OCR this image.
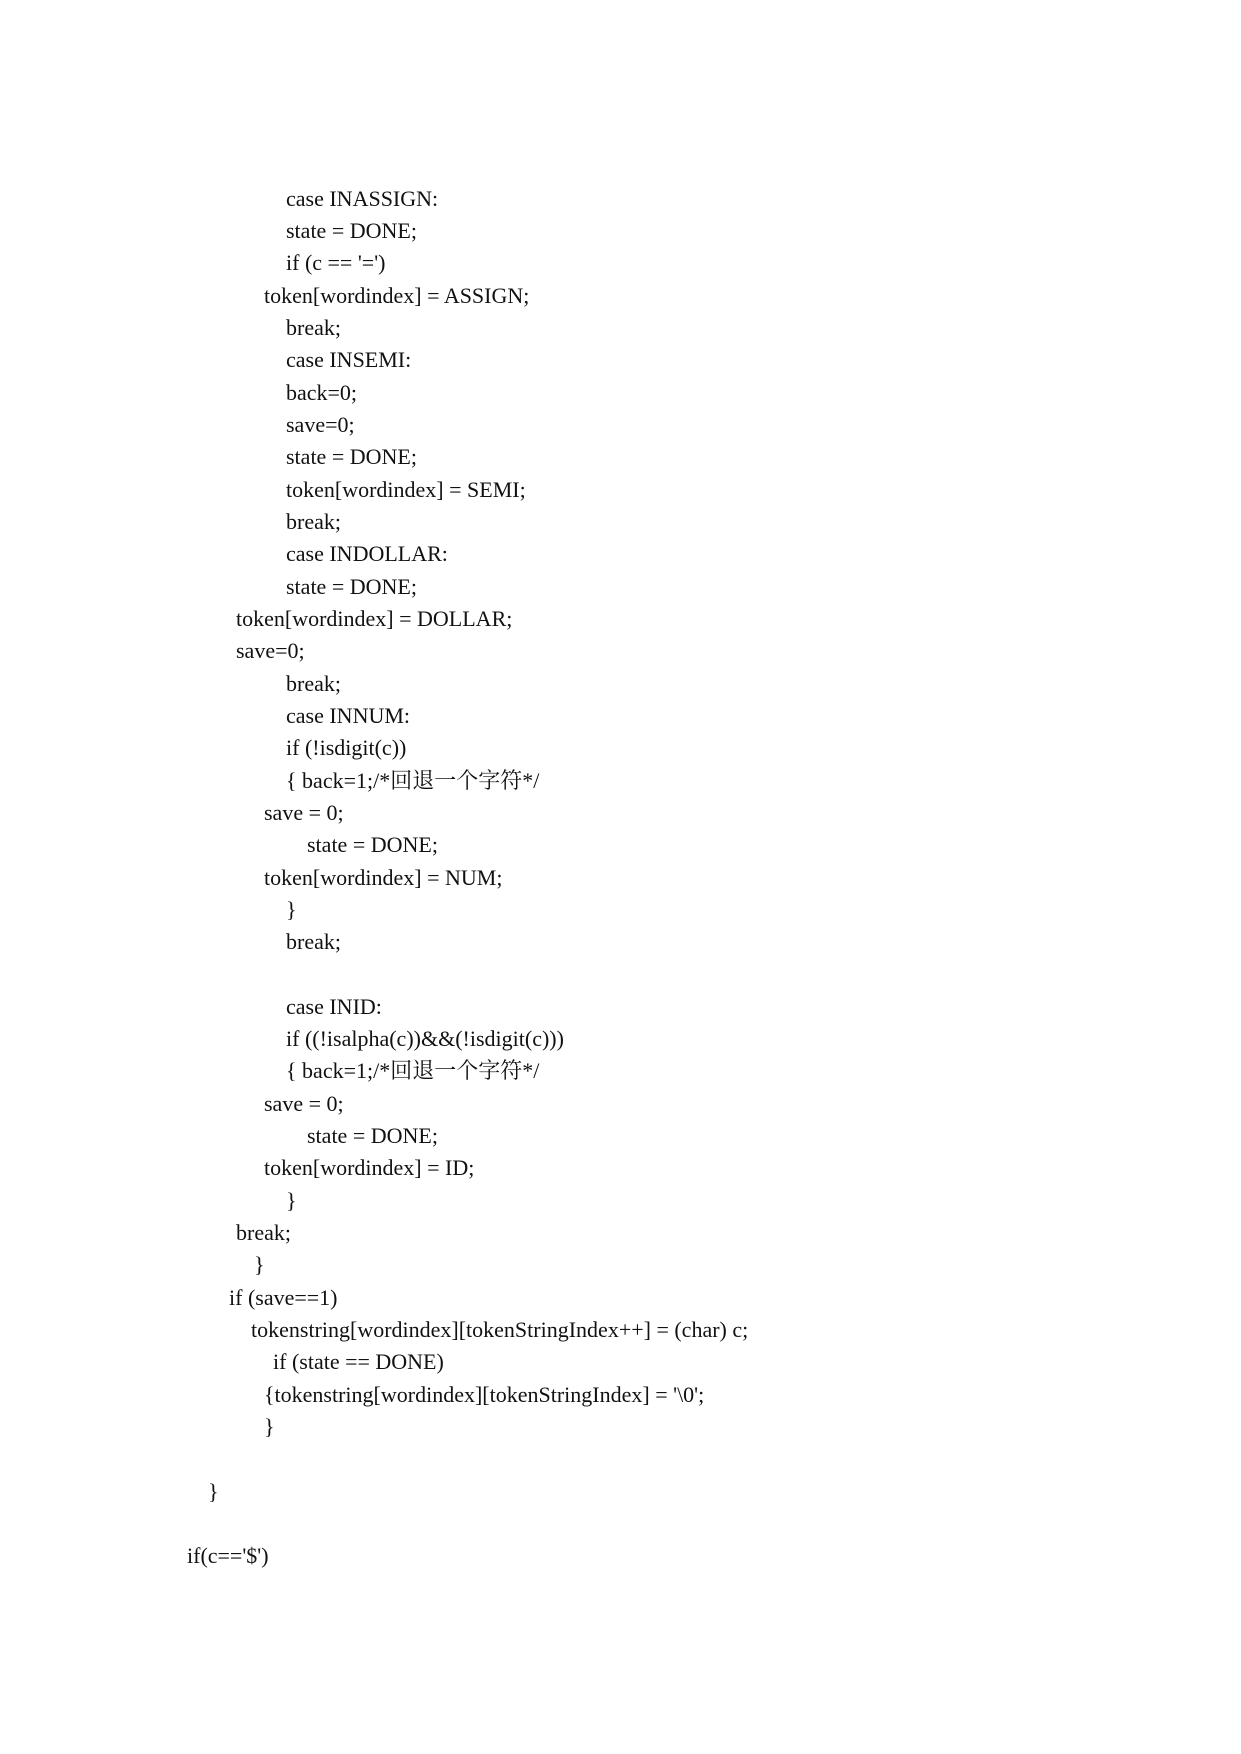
case INASSIGN:
state = DONE;
if (c == '=')
token[wordindex] = ASSIGN;
break;
case INSEMI:
back=0;
save=0;
state = DONE;
token[wordindex] = SEMI;
break;
case INDOLLAR:
state = DONE;
token[wordindex] = DOLLAR;
save=0;
break;
case INNUM:
if (!isdigit(c))
{ back=1;/*回退一个字符*/
save = 0;
state = DONE;
token[wordindex] = NUM;
}
break;
case INID:
if ((!isalpha(c))&&(!isdigit(c)))
{ back=1;/*回退一个字符*/
save = 0;
state = DONE;
token[wordindex] = ID;
}
break;
}
if (save==1)
tokenstring[wordindex][tokenStringIndex++] = (char) c;
if (state == DONE)
{tokenstring[wordindex][tokenStringIndex] = '\0';
}
}
if(c=='$')
